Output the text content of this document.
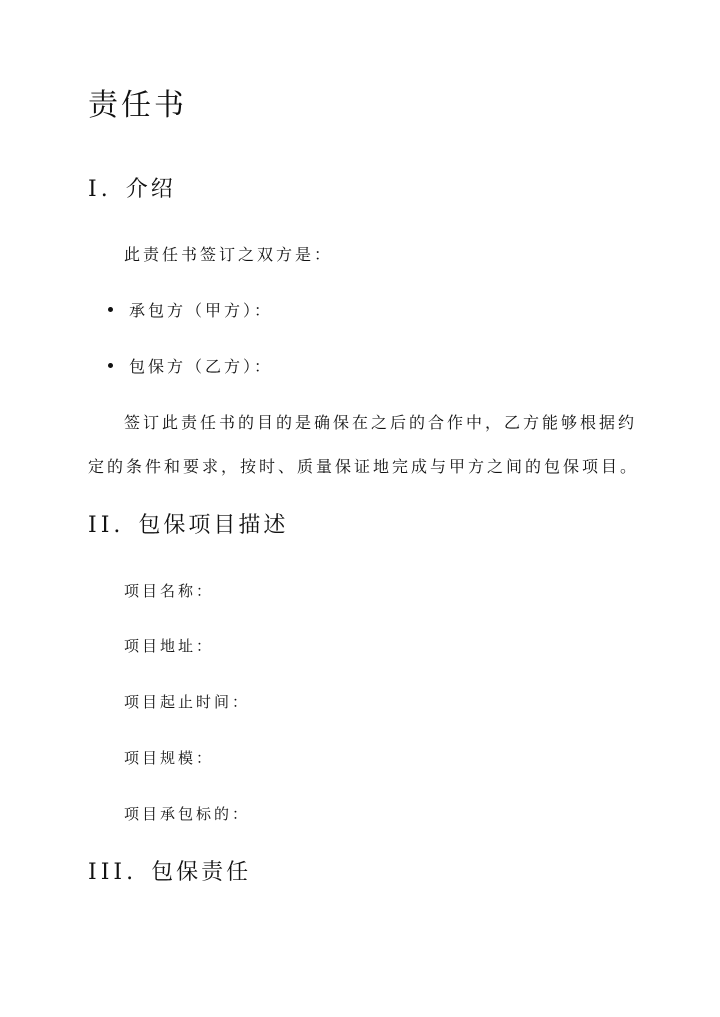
责任书
I. 介绍

此责任书签订之双方是：

承包方（甲方）：
包保方（乙方）：

签订此责任书的目的是确保在之后的合作中，乙方能够根据约

定的条件和要求，按时、质量保证地完成与甲方之间的包保项目。

II. 包保项目描述
项目名称：
项目地址：
项目起止时间：
项目规模：
项目承包标的：
III. 包保责任
